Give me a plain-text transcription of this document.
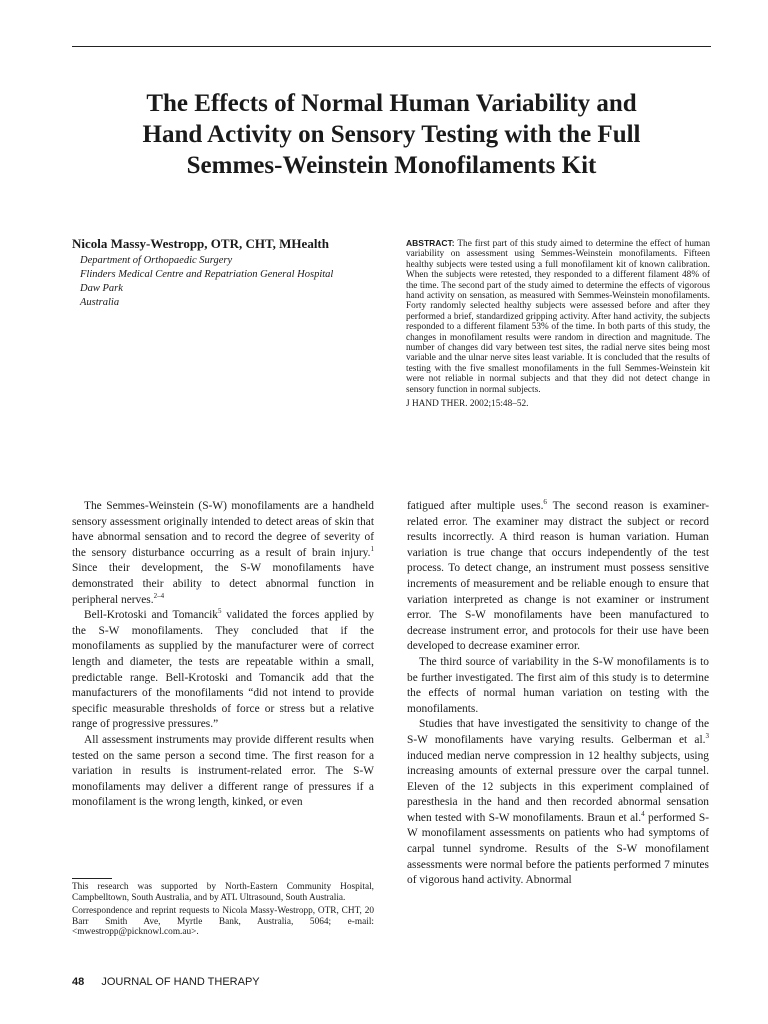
The Effects of Normal Human Variability and
Hand Activity on Sensory Testing with the Full
Semmes-Weinstein Monofilaments Kit
Nicola Massy-Westropp, OTR, CHT, MHealth
Department of Orthopaedic Surgery
Flinders Medical Centre and Repatriation General Hospital
Daw Park
Australia
ABSTRACT: The first part of this study aimed to determine the effect of human variability on assessment using Semmes-Weinstein monofilaments. Fifteen healthy subjects were tested using a full monofilament kit of known calibration. When the subjects were retested, they responded to a different filament 48% of the time. The second part of the study aimed to determine the effects of vigorous hand activity on sensation, as measured with Semmes-Weinstein monofilaments. Forty randomly selected healthy subjects were assessed before and after they performed a brief, standardized gripping activity. After hand activity, the subjects responded to a different filament 53% of the time. In both parts of this study, the changes in monofilament results were random in direction and magnitude. The number of changes did vary between test sites, the radial nerve sites being most variable and the ulnar nerve sites least variable. It is concluded that the results of testing with the five smallest monofilaments in the full Semmes-Weinstein kit were not reliable in normal subjects and that they did not detect change in sensory function in normal subjects.
J HAND THER. 2002;15:48–52.

The Semmes-Weinstein (S-W) monofilaments are a handheld sensory assessment originally intended to detect areas of skin that have abnormal sensation and to record the degree of severity of the sensory disturbance occurring as a result of brain injury.$^1$ Since their development, the S-W monofilaments have demonstrated their ability to detect abnormal function in peripheral nerves.$^{2-4}$

Bell-Krotoski and Tomancik$^5$ validated the forces applied by the S-W monofilaments. They concluded that if the monofilaments as supplied by the manufacturer were of correct length and diameter, the tests are repeatable within a small, predictable range. Bell-Krotoski and Tomancik add that the manufacturers of the monofilaments “did not intend to provide specific measurable thresholds of force or stress but a relative range of progressive pressures.”

All assessment instruments may provide different results when tested on the same person a second time. The first reason for a variation in results is instrument-related error. The S-W monofilaments may deliver a different range of pressures if a monofilament is the wrong length, kinked, or even

fatigued after multiple uses.$^6$ The second reason is examiner-related error. The examiner may distract the subject or record results incorrectly. A third reason is human variation. Human variation is true change that occurs independently of the test process. To detect change, an instrument must possess sensitive increments of measurement and be reliable enough to ensure that variation interpreted as change is not examiner or instrument error. The S-W monofilaments have been manufactured to decrease instrument error, and protocols for their use have been developed to decrease examiner error.

The third source of variability in the S-W monofilaments is to be further investigated. The first aim of this study is to determine the effects of normal human variation on testing with the monofilaments.

Studies that have investigated the sensitivity to change of the S-W monofilaments have varying results. Gelberman et al.$^3$ induced median nerve compression in 12 healthy subjects, using increasing amounts of external pressure over the carpal tunnel. Eleven of the 12 subjects in this experiment complained of paresthesia in the hand and then recorded abnormal sensation when tested with S-W monofilaments. Braun et al.$^4$ performed S-W monofilament assessments on patients who had symptoms of carpal tunnel syndrome. Results of the S-W monofilament assessments were normal before the patients performed 7 minutes of vigorous hand activity. Abnormal

This research was supported by North-Eastern Community Hospital, Campbelltown, South Australia, and by ATL Ultrasound, South Australia.

Correspondence and reprint requests to Nicola Massy-Westropp, OTR, CHT, 20 Barr Smith Ave, Myrtle Bank, Australia, 5064; e-mail: <mwestropp@picknowl.com.au>.

48 JOURNAL OF HAND THERAPY
